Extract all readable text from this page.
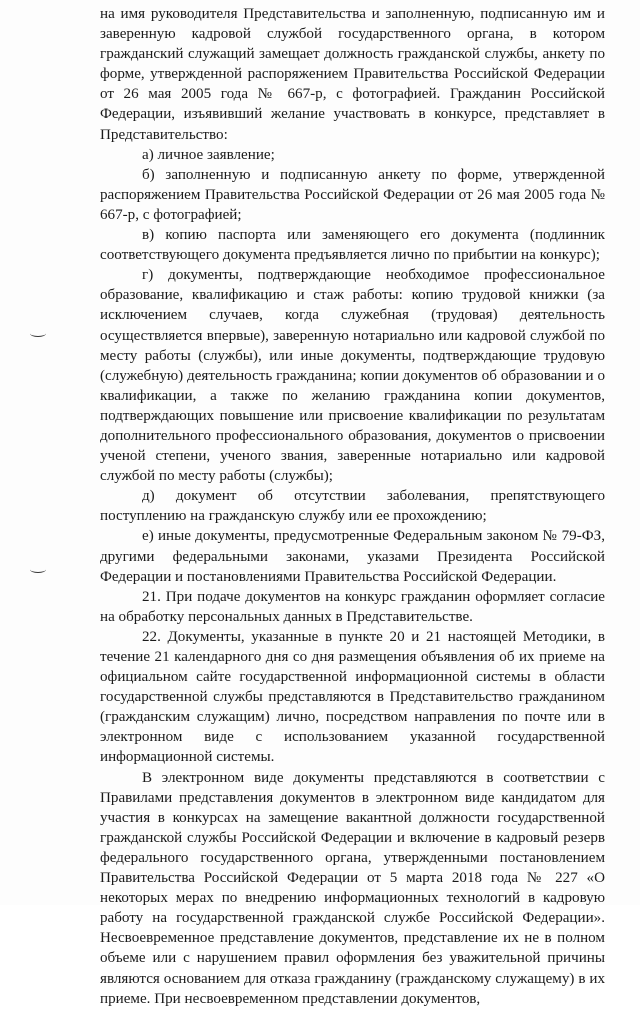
на имя руководителя Представительства и заполненную, подписанную им и заверенную кадровой службой государственного органа, в котором гражданский служащий замещает должность гражданской службы, анкету по форме, утвержденной распоряжением Правительства Российской Федерации от 26 мая 2005 года № 667-р, с фотографией. Гражданин Российской Федерации, изъявивший желание участвовать в конкурсе, представляет в Представительство:

а) личное заявление;

б) заполненную и подписанную анкету по форме, утвержденной распоряжением Правительства Российской Федерации от 26 мая 2005 года № 667-р, с фотографией;

в) копию паспорта или заменяющего его документа (подлинник соответствующего документа предъявляется лично по прибытии на конкурс);

г) документы, подтверждающие необходимое профессиональное образование, квалификацию и стаж работы: копию трудовой книжки (за исключением случаев, когда служебная (трудовая) деятельность осуществляется впервые), заверенную нотариально или кадровой службой по месту работы (службы), или иные документы, подтверждающие трудовую (служебную) деятельность гражданина; копии документов об образовании и о квалификации, а также по желанию гражданина копии документов, подтверждающих повышение или присвоение квалификации по результатам дополнительного профессионального образования, документов о присвоении ученой степени, ученого звания, заверенные нотариально или кадровой службой по месту работы (службы);

д) документ об отсутствии заболевания, препятствующего поступлению на гражданскую службу или ее прохождению;

е) иные документы, предусмотренные Федеральным законом № 79-ФЗ, другими федеральными законами, указами Президента Российской Федерации и постановлениями Правительства Российской Федерации.

21. При подаче документов на конкурс гражданин оформляет согласие на обработку персональных данных в Представительстве.

22. Документы, указанные в пункте 20 и 21 настоящей Методики, в течение 21 календарного дня со дня размещения объявления об их приеме на официальном сайте государственной информационной системы в области государственной службы представляются в Представительство гражданином (гражданским служащим) лично, посредством направления по почте или в электронном виде с использованием указанной государственной информационной системы.

В электронном виде документы представляются в соответствии с Правилами представления документов в электронном виде кандидатом для участия в конкурсах на замещение вакантной должности государственной гражданской службы Российской Федерации и включение в кадровый резерв федерального государственного органа, утвержденными постановлением Правительства Российской Федерации от 5 марта 2018 года № 227 «О некоторых мерах по внедрению информационных технологий в кадровую работу на государственной гражданской службе Российской Федерации». Несвоевременное представление документов, представление их не в полном объеме или с нарушением правил оформления без уважительной причины являются основанием для отказа гражданину (гражданскому служащему) в их приеме. При несвоевременном представлении документов,
